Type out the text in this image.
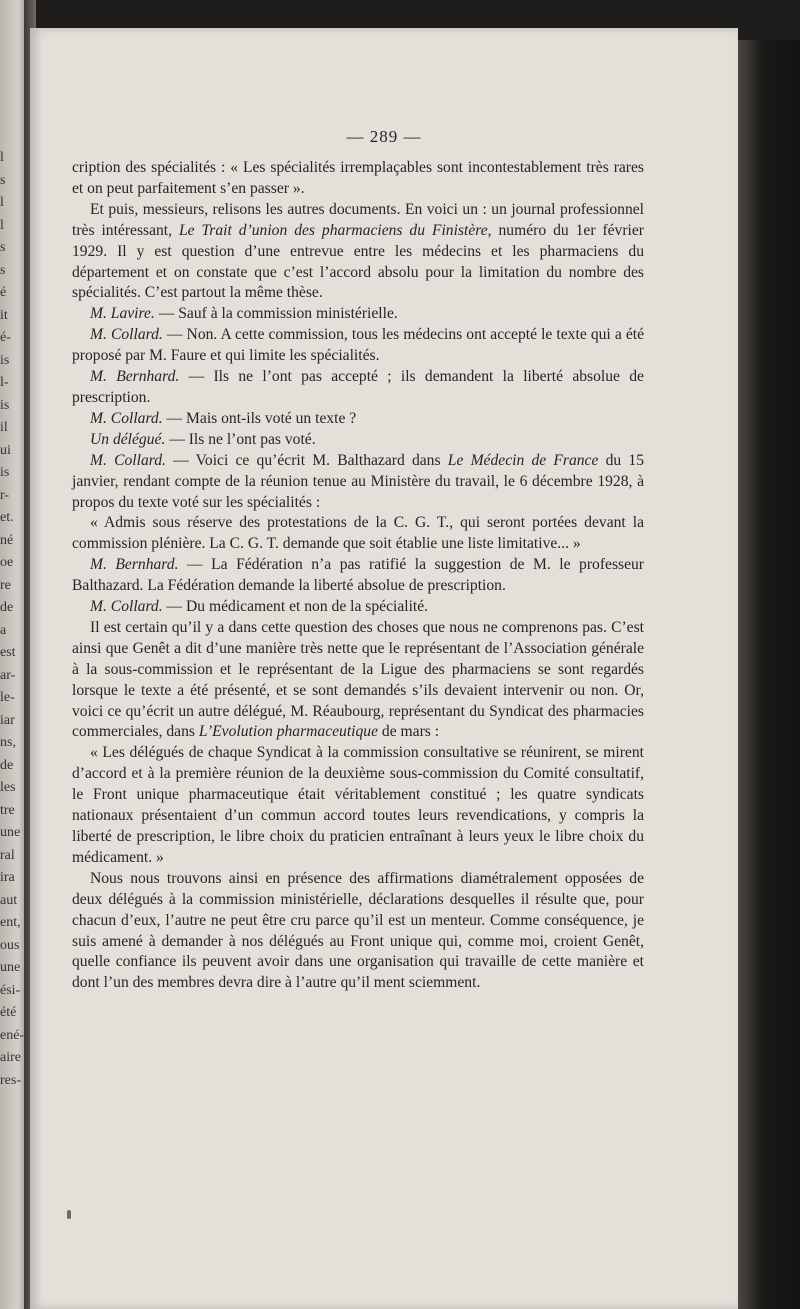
l
s
l
l
s
s
é
it
é-
is
l-
is
il
ui
is
r-
et.
né
oe
re
de
a
est
ar-
le-
iar
ns,
de
les
tre
une
ral
ira
aut
ent,
ous
une
ési-
été
ené-
aire
res-
— 289 —

cription des spécialités : « Les spécialités irremplaçables sont incontestablement très rares et on peut parfaitement s’en passer ».

Et puis, messieurs, relisons les autres documents. En voici un : un journal professionnel très intéressant, Le Trait d’union des pharmaciens du Finistère, numéro du 1er février 1929. Il y est question d’une entrevue entre les médecins et les pharmaciens du département et on constate que c’est l’accord absolu pour la limitation du nombre des spécialités. C’est partout la même thèse.

M. Lavire. — Sauf à la commission ministérielle.

M. Collard. — Non. A cette commission, tous les médecins ont accepté le texte qui a été proposé par M. Faure et qui limite les spécialités.

M. Bernhard. — Ils ne l’ont pas accepté ; ils demandent la liberté absolue de prescription.

M. Collard. — Mais ont-ils voté un texte ?

Un délégué. — Ils ne l’ont pas voté.

M. Collard. — Voici ce qu’écrit M. Balthazard dans Le Médecin de France du 15 janvier, rendant compte de la réunion tenue au Ministère du travail, le 6 décembre 1928, à propos du texte voté sur les spécialités :

« Admis sous réserve des protestations de la C. G. T., qui seront portées devant la commission plénière. La C. G. T. demande que soit établie une liste limitative... »

M. Bernhard. — La Fédération n’a pas ratifié la suggestion de M. le professeur Balthazard. La Fédération demande la liberté absolue de prescription.

M. Collard. — Du médicament et non de la spécialité.

Il est certain qu’il y a dans cette question des choses que nous ne comprenons pas. C’est ainsi que Genêt a dit d’une manière très nette que le représentant de l’Association générale à la sous-commission et le représentant de la Ligue des pharmaciens se sont regardés lorsque le texte a été présenté, et se sont demandés s’ils devaient intervenir ou non. Or, voici ce qu’écrit un autre délégué, M. Réaubourg, représentant du Syndicat des pharmacies commerciales, dans L’Evolution pharmaceutique de mars :

« Les délégués de chaque Syndicat à la commission consultative se réunirent, se mirent d’accord et à la première réunion de la deuxième sous-commission du Comité consultatif, le Front unique pharmaceutique était véritablement constitué ; les quatre syndicats nationaux présentaient d’un commun accord toutes leurs revendications, y compris la liberté de prescription, le libre choix du praticien entraînant à leurs yeux le libre choix du médicament. »

Nous nous trouvons ainsi en présence des affirmations diamétralement opposées de deux délégués à la commission ministérielle, déclarations desquelles il résulte que, pour chacun d’eux, l’autre ne peut être cru parce qu’il est un menteur. Comme conséquence, je suis amené à demander à nos délégués au Front unique qui, comme moi, croient Genêt, quelle confiance ils peuvent avoir dans une organisation qui travaille de cette manière et dont l’un des membres devra dire à l’autre qu’il ment sciemment.
